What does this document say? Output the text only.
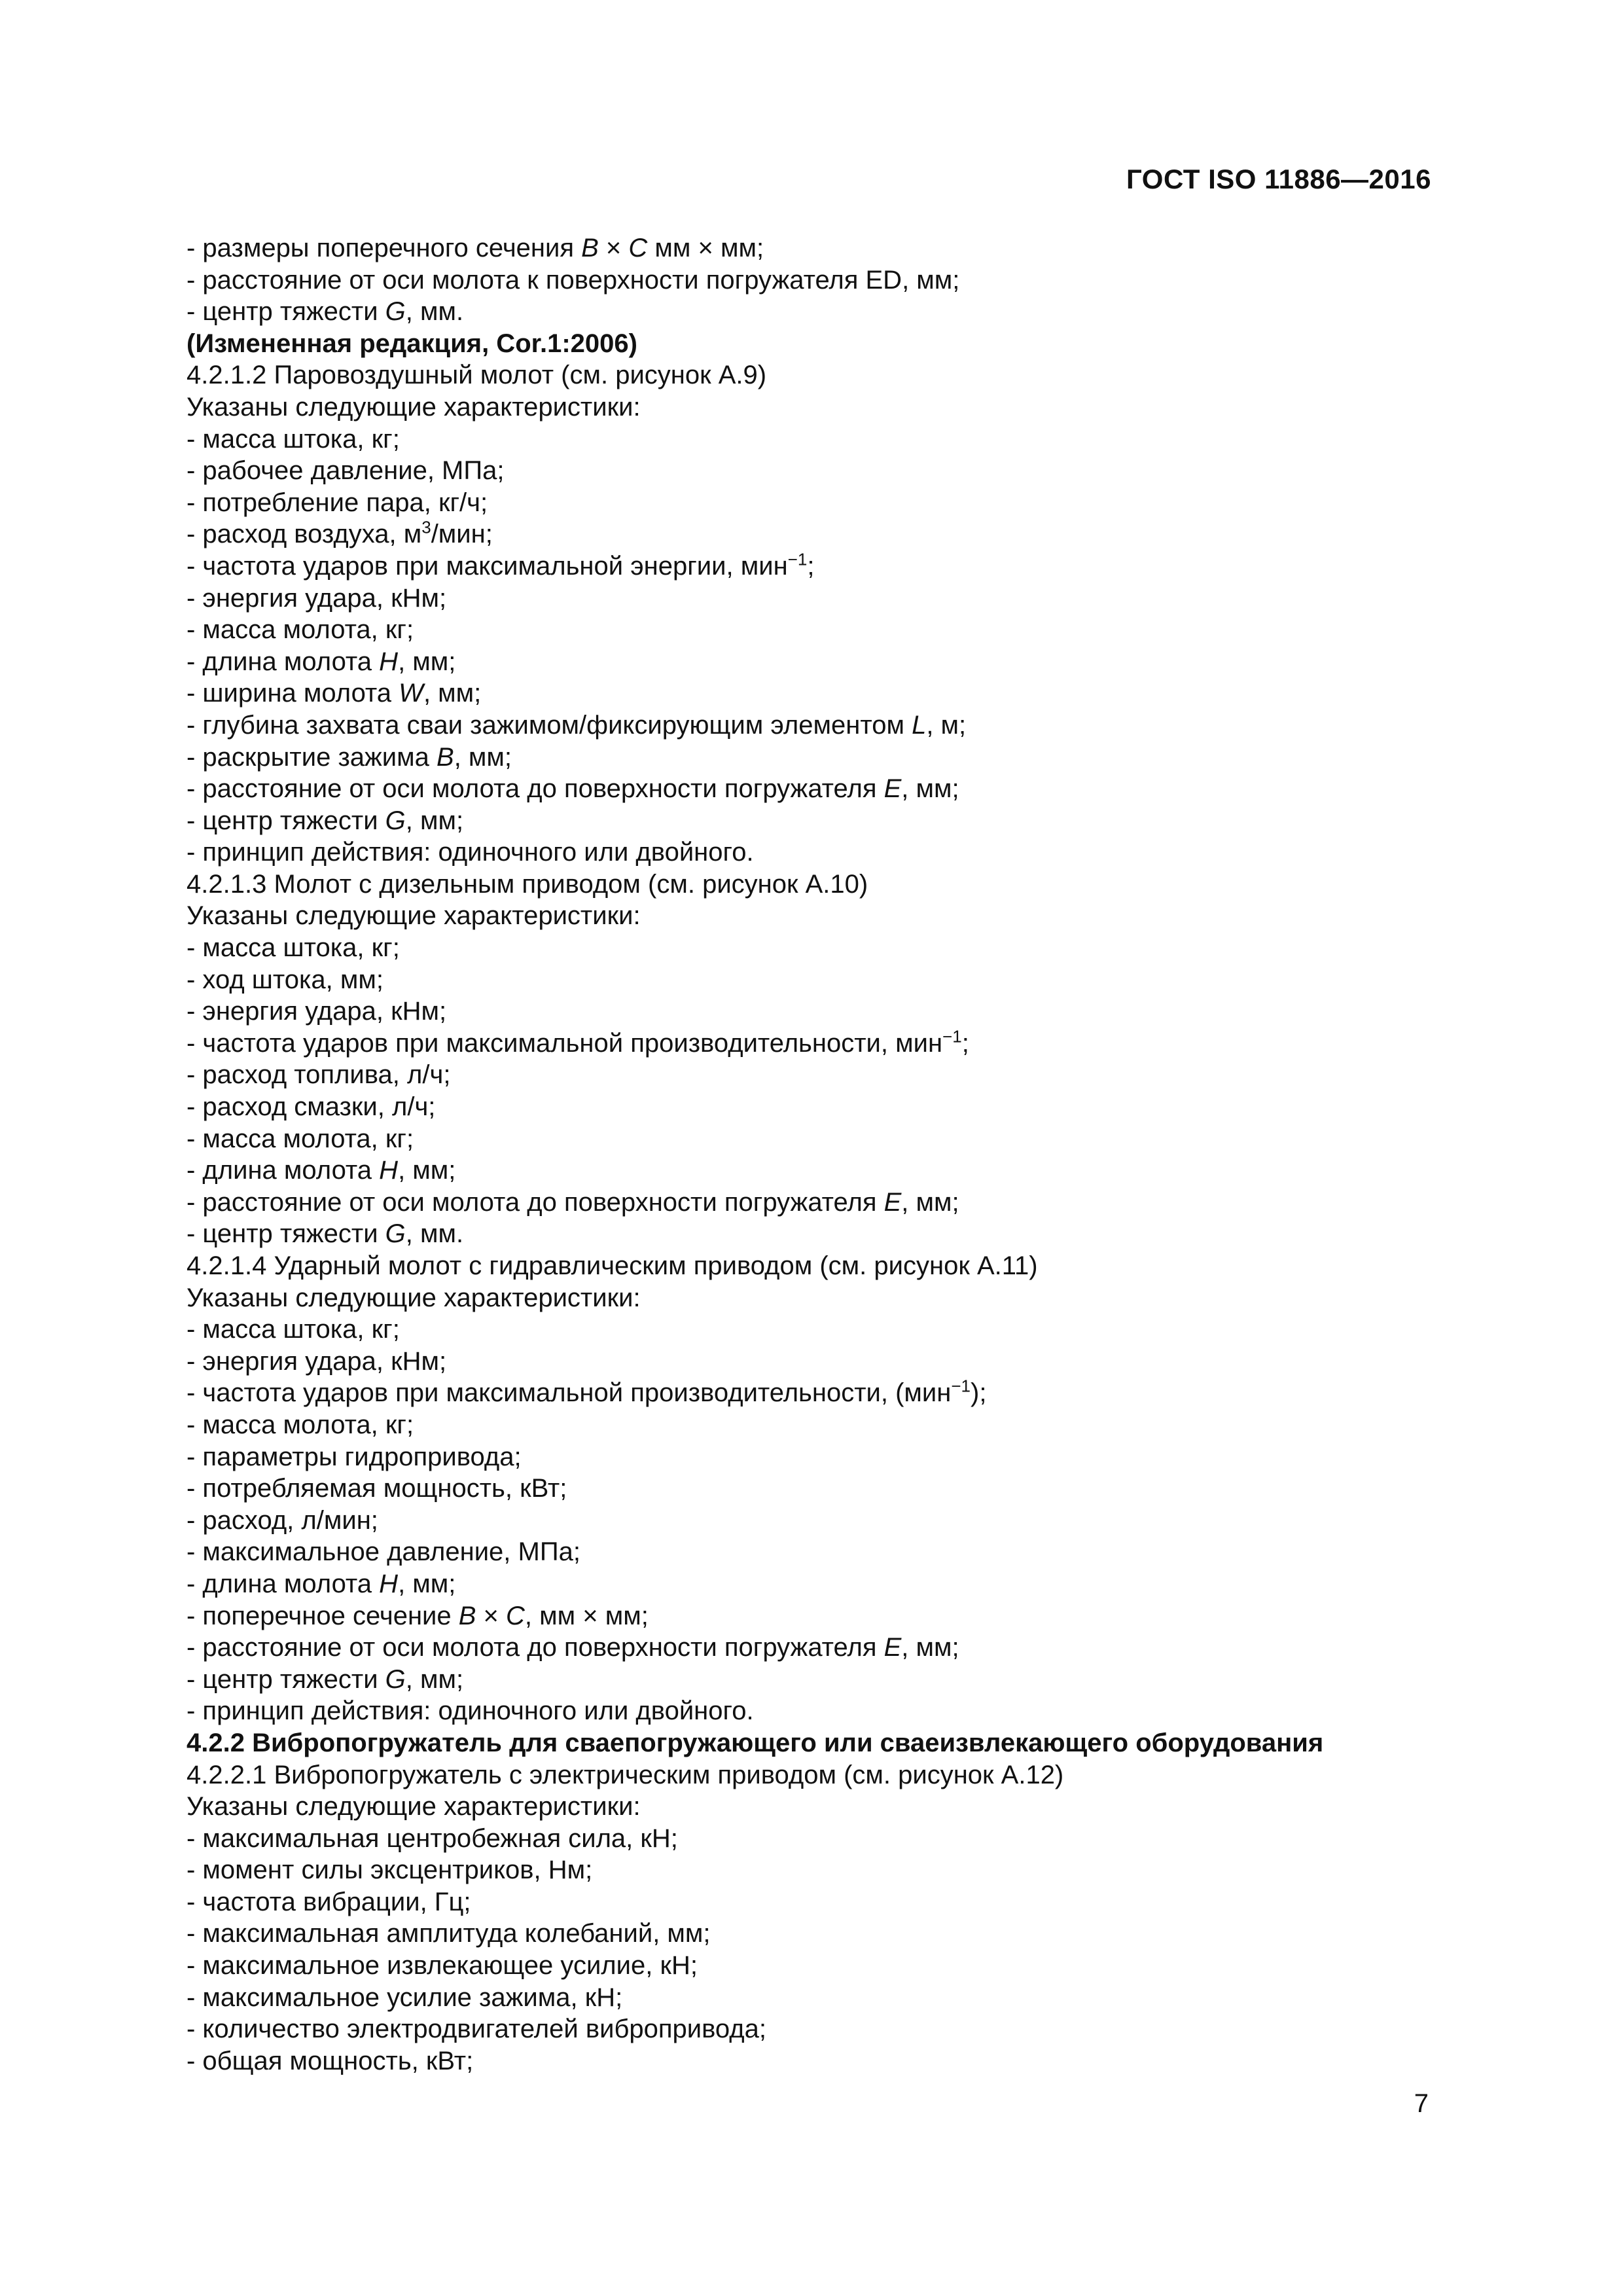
ГОСТ ISO 11886—2016
- размеры поперечного сечения B × C мм × мм;
- расстояние от оси молота к поверхности погружателя ED, мм;
- центр тяжести G, мм.
(Измененная редакция, Cor.1:2006)
4.2.1.2 Паровоздушный молот (см. рисунок А.9)
Указаны следующие характеристики:
- масса штока, кг;
- рабочее давление, МПа;
- потребление пара, кг/ч;
- расход воздуха, $м^3$/мин;
- частота ударов при максимальной энергии, мин$^{-1}$;
- энергия удара, кНм;
- масса молота, кг;
- длина молота H, мм;
- ширина молота W, мм;
- глубина захвата сваи зажимом/фиксирующим элементом L, м;
- раскрытие зажима B, мм;
- расстояние от оси молота до поверхности погружателя E, мм;
- центр тяжести G, мм;
- принцип действия: одиночного или двойного.
4.2.1.3 Молот с дизельным приводом (см. рисунок А.10)
Указаны следующие характеристики:
- масса штока, кг;
- ход штока, мм;
- энергия удара, кНм;
- частота ударов при максимальной производительности, мин$^{-1}$;
- расход топлива, л/ч;
- расход смазки, л/ч;
- масса молота, кг;
- длина молота H, мм;
- расстояние от оси молота до поверхности погружателя E, мм;
- центр тяжести G, мм.
4.2.1.4 Ударный молот с гидравлическим приводом (см. рисунок А.11)
Указаны следующие характеристики:
- масса штока, кг;
- энергия удара, кНм;
- частота ударов при максимальной производительности, (мин$^{-1}$);
- масса молота, кг;
- параметры гидропривода;
- потребляемая мощность, кВт;
- расход, л/мин;
- максимальное давление, МПа;
- длина молота H, мм;
- поперечное сечение B × C, мм × мм;
- расстояние от оси молота до поверхности погружателя E, мм;
- центр тяжести G, мм;
- принцип действия: одиночного или двойного.
4.2.2 Вибропогружатель для сваепогружающего или сваеизвлекающего оборудования
4.2.2.1 Вибропогружатель с электрическим приводом (см. рисунок А.12)
Указаны следующие характеристики:
- максимальная центробежная сила, кН;
- момент силы эксцентриков, Нм;
- частота вибрации, Гц;
- максимальная амплитуда колебаний, мм;
- максимальное извлекающее усилие, кН;
- максимальное усилие зажима, кН;
- количество электродвигателей вибропривода;
- общая мощность, кВт;
7
